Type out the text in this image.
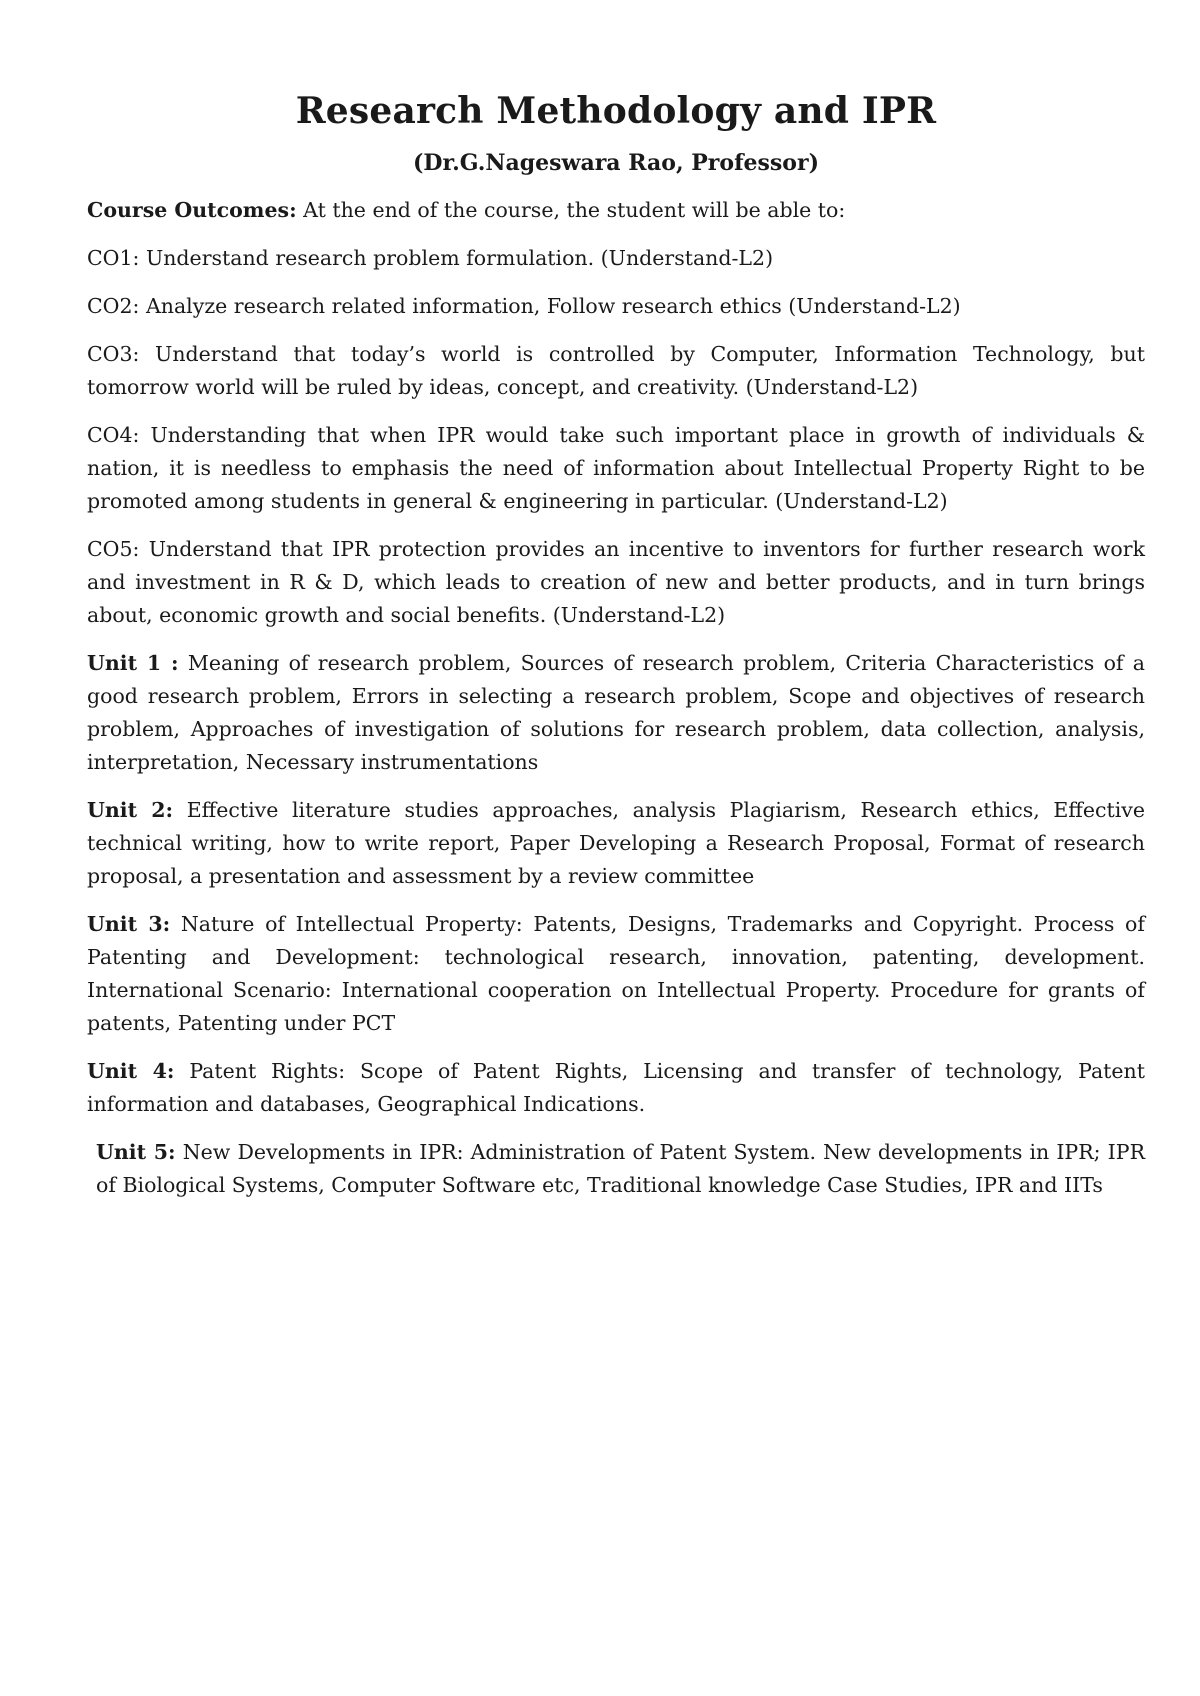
Research Methodology and IPR
(Dr.G.Nageswara Rao, Professor)

Course Outcomes: At the end of the course, the student will be able to:

CO1: Understand research problem formulation. (Understand-L2)

CO2: Analyze research related information, Follow research ethics (Understand-L2)

CO3: Understand that today’s world is controlled by Computer, Information Technology, but tomorrow world will be ruled by ideas, concept, and creativity. (Understand-L2)

CO4: Understanding that when IPR would take such important place in growth of individuals & nation, it is needless to emphasis the need of information about Intellectual Property Right to be promoted among students in general & engineering in particular. (Understand-L2)

CO5: Understand that IPR protection provides an incentive to inventors for further research work and investment in R & D, which leads to creation of new and better products, and in turn brings about, economic growth and social benefits. (Understand-L2)

Unit 1 : Meaning of research problem, Sources of research problem, Criteria Characteristics of a good research problem, Errors in selecting a research problem, Scope and objectives of research problem, Approaches of investigation of solutions for research problem, data collection, analysis, interpretation, Necessary instrumentations

Unit 2: Effective literature studies approaches, analysis Plagiarism, Research ethics, Effective technical writing, how to write report, Paper Developing a Research Proposal, Format of research proposal, a presentation and assessment by a review committee

Unit 3: Nature of Intellectual Property: Patents, Designs, Trademarks and Copyright. Process of Patenting and Development: technological research, innovation, patenting, development. International Scenario: International cooperation on Intellectual Property. Procedure for grants of patents, Patenting under PCT

Unit 4: Patent Rights: Scope of Patent Rights, Licensing and transfer of technology, Patent information and databases, Geographical Indications.

Unit 5: New Developments in IPR: Administration of Patent System. New developments in IPR; IPR of Biological Systems, Computer Software etc, Traditional knowledge Case Studies, IPR and IITs
